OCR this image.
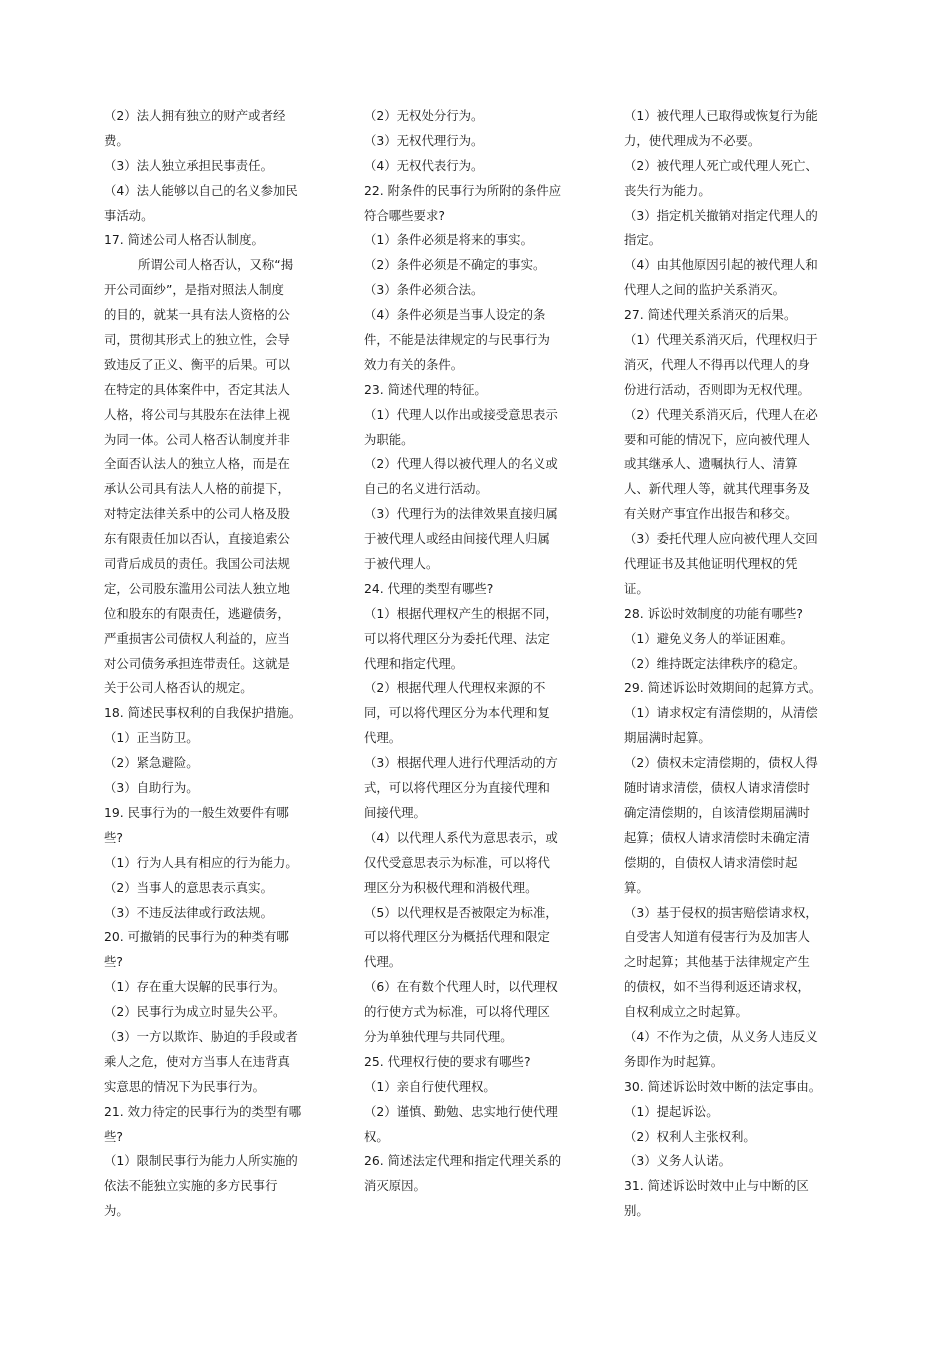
（2）法人拥有独立的财产或者经
费。
（3）法人独立承担民事责任。
（4）法人能够以自己的名义参加民
事活动。
17. 简述公司人格否认制度。
所谓公司人格否认，又称“揭
开公司面纱”，是指对照法人制度
的目的，就某一具有法人资格的公
司，贯彻其形式上的独立性，会导
致违反了正义、衡平的后果。可以
在特定的具体案件中，否定其法人
人格，将公司与其股东在法律上视
为同一体。公司人格否认制度并非
全面否认法人的独立人格，而是在
承认公司具有法人人格的前提下，
对特定法律关系中的公司人格及股
东有限责任加以否认，直接追索公
司背后成员的责任。我国公司法规
定，公司股东滥用公司法人独立地
位和股东的有限责任，逃避债务，
严重损害公司债权人利益的，应当
对公司债务承担连带责任。这就是
关于公司人格否认的规定。
18. 简述民事权利的自我保护措施。
（1）正当防卫。
（2）紧急避险。
（3）自助行为。
19. 民事行为的一般生效要件有哪
些?
（1）行为人具有相应的行为能力。
（2）当事人的意思表示真实。
（3）不违反法律或行政法规。
20. 可撤销的民事行为的种类有哪
些?
（1）存在重大误解的民事行为。
（2）民事行为成立时显失公平。
（3）一方以欺诈、胁迫的手段或者
乘人之危，使对方当事人在违背真
实意思的情况下为民事行为。
21. 效力待定的民事行为的类型有哪
些?
（1）限制民事行为能力人所实施的
依法不能独立实施的多方民事行
为。
（2）无权处分行为。
（3）无权代理行为。
（4）无权代表行为。
22. 附条件的民事行为所附的条件应
符合哪些要求?
（1）条件必须是将来的事实。
（2）条件必须是不确定的事实。
（3）条件必须合法。
（4）条件必须是当事人设定的条
件，不能是法律规定的与民事行为
效力有关的条件。
23. 简述代理的特征。
（1）代理人以作出或接受意思表示
为职能。
（2）代理人得以被代理人的名义或
自己的名义进行活动。
（3）代理行为的法律效果直接归属
于被代理人或经由间接代理人归属
于被代理人。
24. 代理的类型有哪些?
（1）根据代理权产生的根据不同，
可以将代理区分为委托代理、法定
代理和指定代理。
（2）根据代理人代理权来源的不
同，可以将代理区分为本代理和复
代理。
（3）根据代理人进行代理活动的方
式，可以将代理区分为直接代理和
间接代理。
（4）以代理人系代为意思表示，或
仅代受意思表示为标准，可以将代
理区分为积极代理和消极代理。
（5）以代理权是否被限定为标准，
可以将代理区分为概括代理和限定
代理。
（6）在有数个代理人时，以代理权
的行使方式为标准，可以将代理区
分为单独代理与共同代理。
25. 代理权行使的要求有哪些?
（1）亲自行使代理权。
（2）谨慎、勤勉、忠实地行使代理
权。
26. 简述法定代理和指定代理关系的
消灭原因。
（1）被代理人已取得或恢复行为能
力，使代理成为不必要。
（2）被代理人死亡或代理人死亡、
丧失行为能力。
（3）指定机关撤销对指定代理人的
指定。
（4）由其他原因引起的被代理人和
代理人之间的监护关系消灭。
27. 简述代理关系消灭的后果。
（1）代理关系消灭后，代理权归于
消灭，代理人不得再以代理人的身
份进行活动，否则即为无权代理。
（2）代理关系消灭后，代理人在必
要和可能的情况下，应向被代理人
或其继承人、遗嘱执行人、清算
人、新代理人等，就其代理事务及
有关财产事宜作出报告和移交。
（3）委托代理人应向被代理人交回
代理证书及其他证明代理权的凭
证。
28. 诉讼时效制度的功能有哪些?
（1）避免义务人的举证困难。
（2）维持既定法律秩序的稳定。
29. 简述诉讼时效期间的起算方式。
（1）请求权定有清偿期的，从清偿
期届满时起算。
（2）债权未定清偿期的，债权人得
随时请求清偿，债权人请求清偿时
确定清偿期的，自该清偿期届满时
起算；债权人请求清偿时未确定清
偿期的，自债权人请求清偿时起
算。
（3）基于侵权的损害赔偿请求权，
自受害人知道有侵害行为及加害人
之时起算；其他基于法律规定产生
的债权，如不当得利返还请求权，
自权利成立之时起算。
（4）不作为之债，从义务人违反义
务即作为时起算。
30. 简述诉讼时效中断的法定事由。
（1）提起诉讼。
（2）权利人主张权利。
（3）义务人认诺。
31. 简述诉讼时效中止与中断的区
别。
